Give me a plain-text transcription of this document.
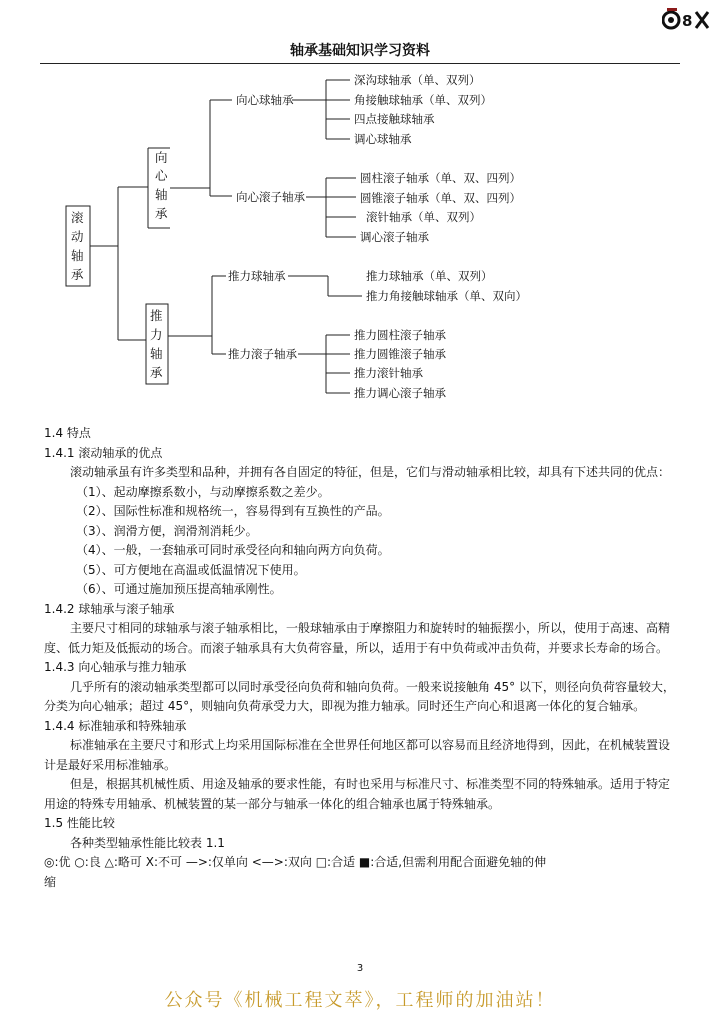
8
轴承基础知识学习资料
滚
动
轴
承
向
心
轴
承
推
力
轴
承
向心球轴承
深沟球轴承（单、双列）
角接触球轴承（单、双列）
四点接触球轴承
调心球轴承
向心滚子轴承
圆柱滚子轴承（单、双、四列）
圆锥滚子轴承（单、双、四列）
滚针轴承（单、双列）
调心滚子轴承
推力球轴承	推力球轴承（单、双列）
推力角接触球轴承（单、双向）
推力滚子轴承
推力圆柱滚子轴承
推力圆锥滚子轴承
推力滚针轴承
推力调心滚子轴承

1.4 特点

1.4.1 滚动轴承的优点

滚动轴承虽有许多类型和品种，并拥有各自固定的特征，但是，它们与滑动轴承相比较，却具有下述共同的优点：

（1）、起动摩擦系数小，与动摩擦系数之差少。

（2）、国际性标准和规格统一，容易得到有互换性的产品。

（3）、润滑方便，润滑剂消耗少。

（4）、一般，一套轴承可同时承受径向和轴向两方向负荷。

（5）、可方便地在高温或低温情况下使用。

（6）、可通过施加预压提高轴承刚性。

1.4.2 球轴承与滚子轴承

主要尺寸相同的球轴承与滚子轴承相比，一般球轴承由于摩擦阻力和旋转时的轴振摆小，所以，使用于高速、高精度、低力矩及低振动的场合。而滚子轴承具有大负荷容量，所以，适用于有中负荷或冲击负荷，并要求长寿命的场合。

1.4.3 向心轴承与推力轴承

几乎所有的滚动轴承类型都可以同时承受径向负荷和轴向负荷。一般来说接触角 45° 以下，则径向负荷容量较大，分类为向心轴承；超过 45°，则轴向负荷承受力大，即视为推力轴承。同时还生产向心和退离一体化的复合轴承。

1.4.4 标准轴承和特殊轴承

标准轴承在主要尺寸和形式上均采用国际标准在全世界任何地区都可以容易而且经济地得到，因此，在机械装置设计是最好采用标准轴承。

但是，根据其机械性质、用途及轴承的要求性能，有时也采用与标准尺寸、标准类型不同的特殊轴承。适用于特定用途的特殊专用轴承、机械装置的某一部分与轴承一体化的组合轴承也属于特殊轴承。

1.5 性能比较

各种类型轴承性能比较表 1.1

◎:优 ○:良 △:略可 X:不可 —>:仅单向 <—>:双向 □:合适 ■:合适,但需利用配合面避免轴的伸

缩

3
公众号《机械工程文萃》，工程师的加油站！
